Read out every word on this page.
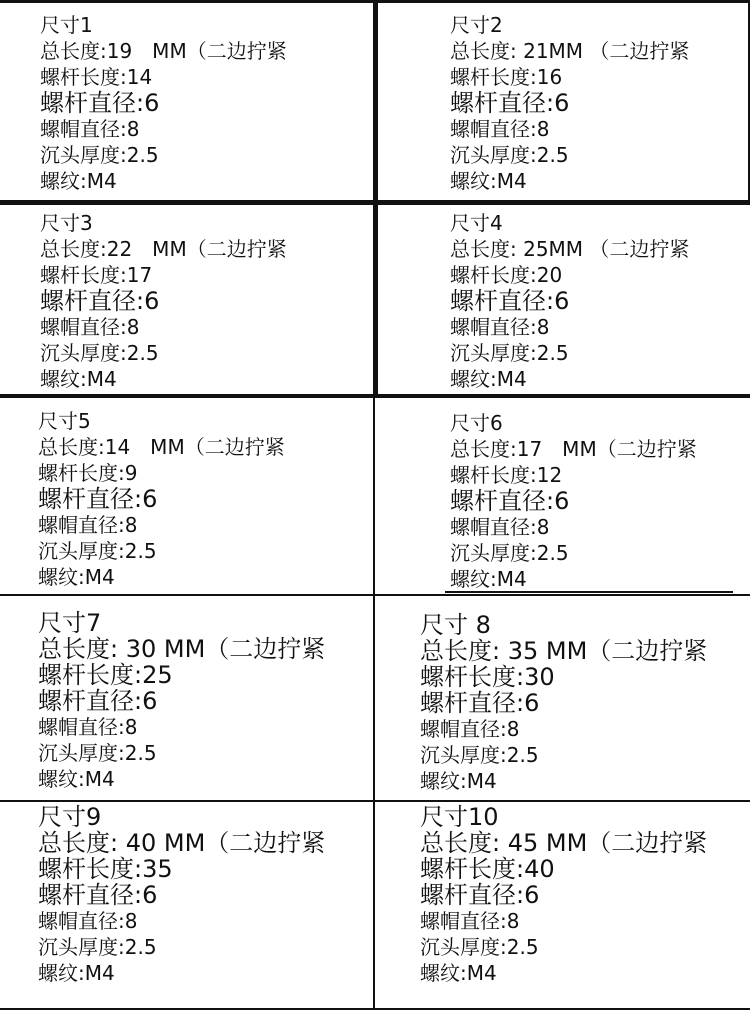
尺寸1
总长度:19　MM（二边拧紧
螺杆长度:14
螺杆直径:6
螺帽直径:8
沉头厚度:2.5
螺纹:M4
尺寸2
总长度: 21MM （二边拧紧
螺杆长度:16
螺杆直径:6
螺帽直径:8
沉头厚度:2.5
螺纹:M4
尺寸3
总长度:22　MM（二边拧紧
螺杆长度:17
螺杆直径:6
螺帽直径:8
沉头厚度:2.5
螺纹:M4
尺寸4
总长度: 25MM （二边拧紧
螺杆长度:20
螺杆直径:6
螺帽直径:8
沉头厚度:2.5
螺纹:M4
尺寸5
总长度:14　MM（二边拧紧
螺杆长度:9
螺杆直径:6
螺帽直径:8
沉头厚度:2.5
螺纹:M4
尺寸6
总长度:17　MM（二边拧紧
螺杆长度:12
螺杆直径:6
螺帽直径:8
沉头厚度:2.5
螺纹:M4
尺寸7
总长度: 30 MM（二边拧紧
螺杆长度:25
螺杆直径:6
螺帽直径:8
沉头厚度:2.5
螺纹:M4
尺寸 8
总长度: 35 MM（二边拧紧
螺杆长度:30
螺杆直径:6
螺帽直径:8
沉头厚度:2.5
螺纹:M4
尺寸9
总长度: 40 MM（二边拧紧
螺杆长度:35
螺杆直径:6
螺帽直径:8
沉头厚度:2.5
螺纹:M4
尺寸10
总长度: 45 MM（二边拧紧
螺杆长度:40
螺杆直径:6
螺帽直径:8
沉头厚度:2.5
螺纹:M4
